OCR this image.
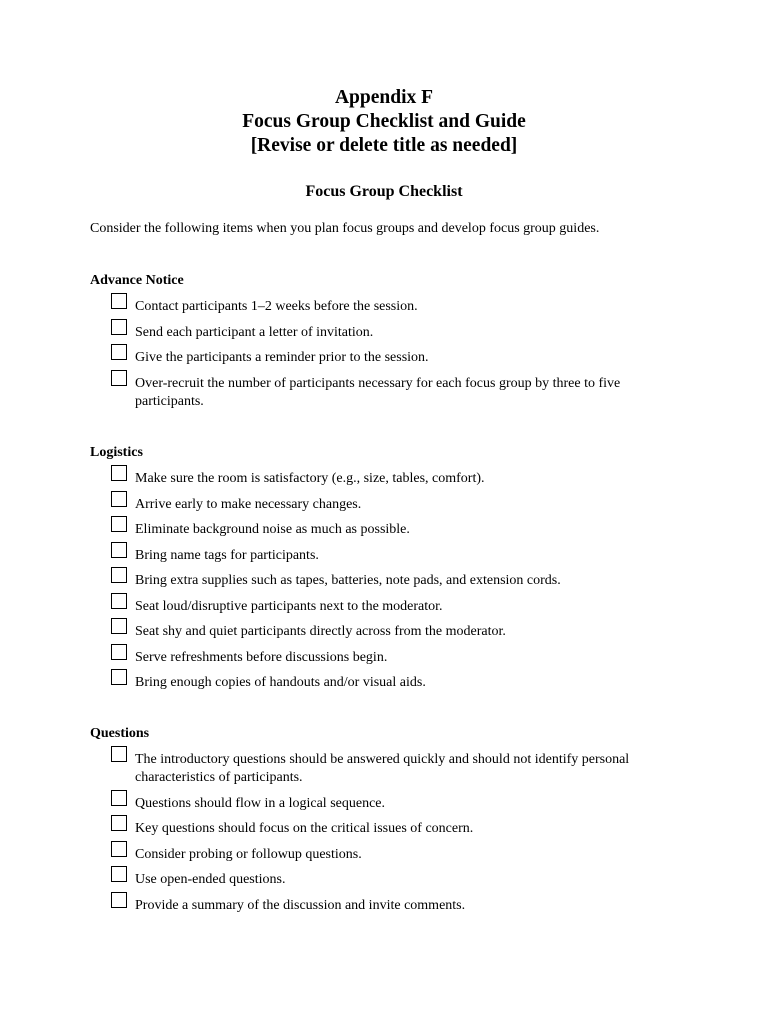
Appendix F

Focus Group Checklist and Guide

[Revise or delete title as needed]

Focus Group Checklist

Consider the following items when you plan focus groups and develop focus group guides.

Advance Notice

Contact participants 1–2 weeks before the session.
Send each participant a letter of invitation.
Give the participants a reminder prior to the session.
Over-recruit the number of participants necessary for each focus group by three to five participants.

Logistics

Make sure the room is satisfactory (e.g., size, tables, comfort).
Arrive early to make necessary changes.
Eliminate background noise as much as possible.
Bring name tags for participants.
Bring extra supplies such as tapes, batteries, note pads, and extension cords.
Seat loud/disruptive participants next to the moderator.
Seat shy and quiet participants directly across from the moderator.
Serve refreshments before discussions begin.
Bring enough copies of handouts and/or visual aids.

Questions

The introductory questions should be answered quickly and should not identify personal characteristics of participants.
Questions should flow in a logical sequence.
Key questions should focus on the critical issues of concern.
Consider probing or followup questions.
Use open-ended questions.
Provide a summary of the discussion and invite comments.
